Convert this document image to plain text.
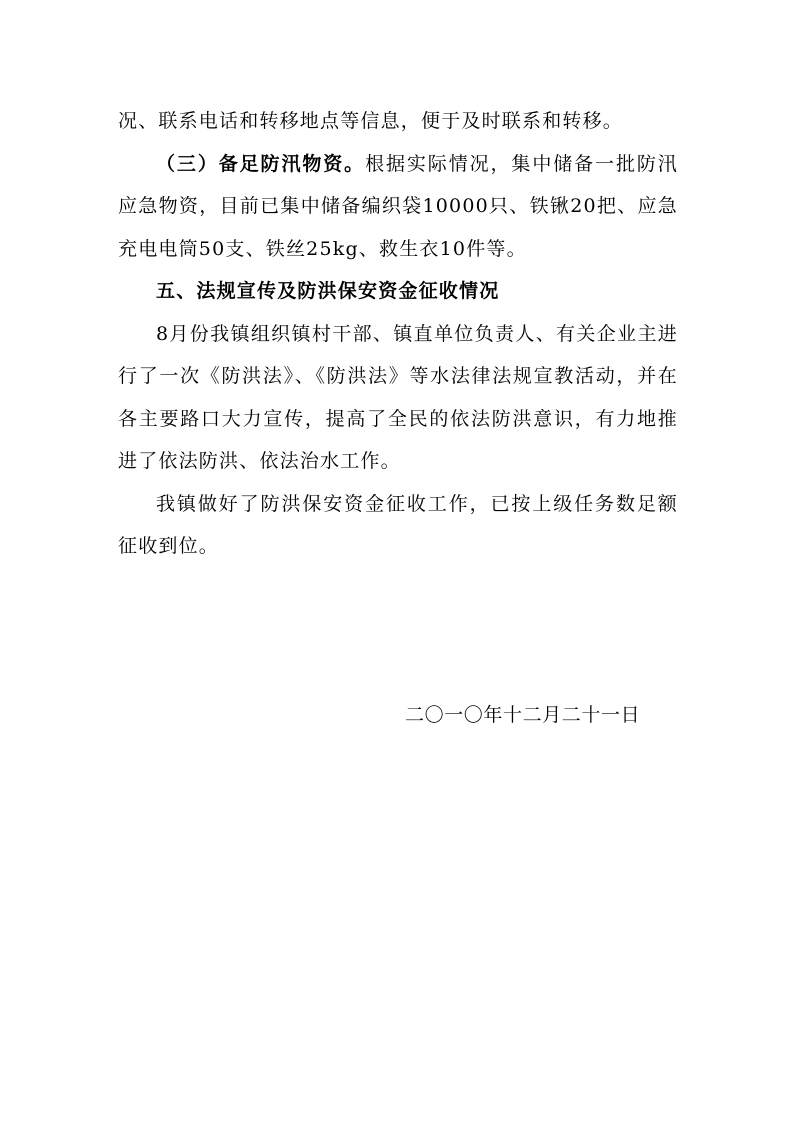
况、联系电话和转移地点等信息，便于及时联系和转移。

（三）备足防汛物资。根据实际情况，集中储备一批防汛应急物资，目前已集中储备编织袋10000只、铁锹20把、应急充电电筒50支、铁丝25kg、救生衣10件等。

五、法规宣传及防洪保安资金征收情况

8月份我镇组织镇村干部、镇直单位负责人、有关企业主进行了一次《防洪法》、《防洪法》等水法律法规宣教活动，并在各主要路口大力宣传，提高了全民的依法防洪意识，有力地推进了依法防洪、依法治水工作。

我镇做好了防洪保安资金征收工作，已按上级任务数足额征收到位。

二〇一〇年十二月二十一日
